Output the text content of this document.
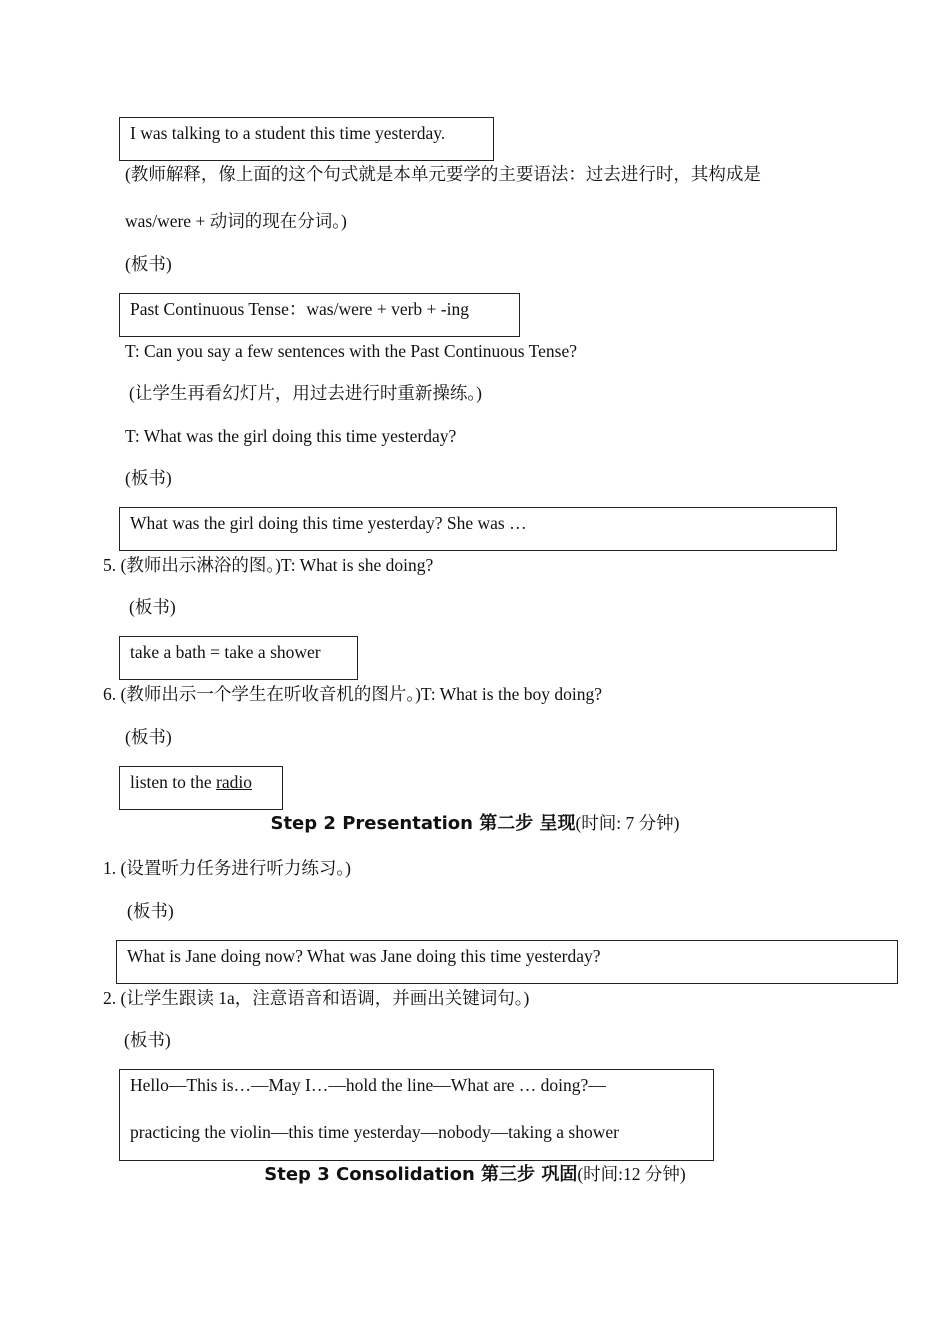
I was talking to a student this time yesterday.
(教师解释，像上面的这个句式就是本单元要学的主要语法：过去进行时，其构成是
was/were + 动词的现在分词。)
(板书)
Past Continuous Tense：was/were + verb + -ing
T: Can you say a few sentences with the Past Continuous Tense?
(让学生再看幻灯片，用过去进行时重新操练。)
T: What was the girl doing this time yesterday?
(板书)
What was the girl doing this time yesterday? She was …
5. (教师出示淋浴的图。)T: What is she doing?
(板书)
take a bath = take a shower
6. (教师出示一个学生在听收音机的图片。)T: What is the boy doing?
(板书)
listen to the radio
Step 2 Presentation 第二步 呈现(时间: 7 分钟)
1. (设置听力任务进行听力练习。)
(板书)
What is Jane doing now? What was Jane doing this time yesterday?
2. (让学生跟读 1a，注意语音和语调，并画出关键词句。)
(板书)
Hello—This is…—May I…—hold the line—What are … doing?—
practicing the violin—this time yesterday—nobody—taking a shower
Step 3 Consolidation 第三步 巩固(时间:12 分钟)
